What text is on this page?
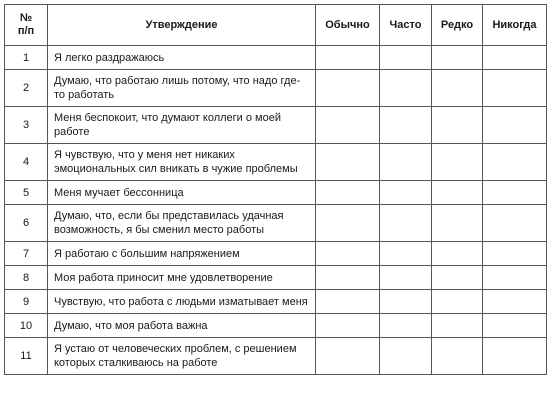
№ п/п	Утверждение	Обычно	Часто	Редко	Никогда
1	Я легко раздражаюсь				
2	Думаю, что работаю лишь потому, что надо где-то работать				
3	Меня беспокоит, что думают коллеги о моей работе				
4	Я чувствую, что у меня нет никаких эмоциональных сил вникать в чужие проблемы				
5	Меня мучает бессонница				
6	Думаю, что, если бы представилась удачная возможность, я бы сменил место работы				
7	Я работаю с большим напряжением				
8	Моя работа приносит мне удовлетворение				
9	Чувствую, что работа с людьми изматывает меня				
10	Думаю, что моя работа важна				
11	Я устаю от человеческих проблем, с решением которых сталкиваюсь на работе				
